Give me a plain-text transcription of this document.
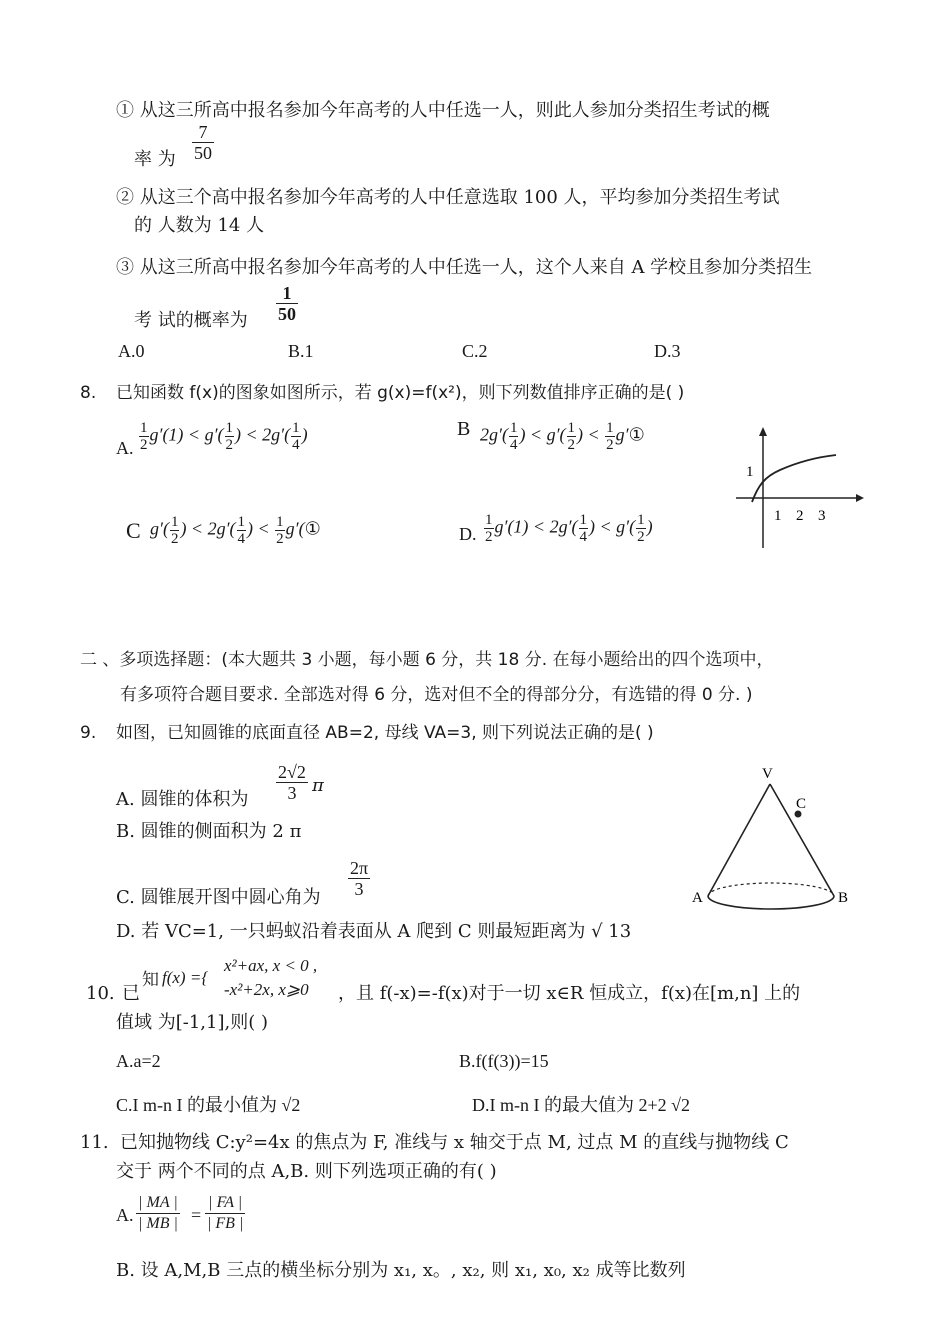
① 从这三所高中报名参加今年高考的人中任选一人，则此人参加分类招生考试的概
率 为 $\frac{7}{50}$
② 从这三个高中报名参加今年高考的人中任意选取 100 人，平均参加分类招生考试
的 人数为 14 人
③ 从这三所高中报名参加今年高考的人中任选一人，这个人来自 A 学校且参加分类招生
考 试的概率为 $\frac{1}{50}$
A.0	B.1	C.2	D.3
8. 已知函数 f(x)的图象如图所示，若 g(x)=f(x²)，则下列数值排序正确的是( )
A. $\frac{1}{2} g'(1) < g'( \frac{1}{2}$ ) < $2g'( \frac{1}{4}$ )	B $2g'( \frac{1}{4}$ ) < $g'( \frac{1}{2}$ ) < $\frac{1}{2}$ g′①
C $g'( \frac{1}{2}$ ) < $2g'( \frac{1}{4}$ ) < $\frac{1}{2}$ g′(①	D. $\frac{1}{2} g'(1) < 2g'( \frac{1}{4}$ ) < $g'( \frac{1}{2}$ )
1
1 2 3
二 、多项选择题：(本大题共 3 小题，每小题 6 分，共 18 分. 在每小题给出的四个选项中，
有多项符合题目要求. 全部选对得 6 分，选对但不全的得部分分，有选错的得 0 分. )
9. 如图，已知圆锥的底面直径 AB=2, 母线 VA=3, 则下列说法正确的是( )
A. 圆锥的体积为 $\frac{2√2}{3}$ π
B. 圆锥的侧面积为 2 π
C. 圆锥展开图中圆心角为 $\frac{2\pi}{3}$
D. 若 VC=1, 一只蚂蚁沿着表面从 A 爬到 C 则最短距离为 √ 13
V
C
A	B
10. 已
知 f(x) ={
x²+ax, x < 0 ,
-x²+2x, x⩾0 ，且 f(-x)=-f(x)对于一切 x∈R 恒成立，f(x)在[m,n] 上的
值域 为[-1,1],则( )
A.a=2	B.f(f(3))=15
C.I m-n I 的最小值为 √2	D.I m-n I 的最大值为 2+2 √2
11. 已知抛物线 C:y²=4x 的焦点为 F, 准线与 x 轴交于点 M, 过点 M 的直线与抛物线 C
交于 两个不同的点 A,B. 则下列选项正确的有( )
A. $\frac{| MA |}{| MB |} = \frac{| FA |}{| FB |}$
B. 设 A,M,B 三点的横坐标分别为 x₁, x。, x₂, 则 x₁, x₀, x₂ 成等比数列
